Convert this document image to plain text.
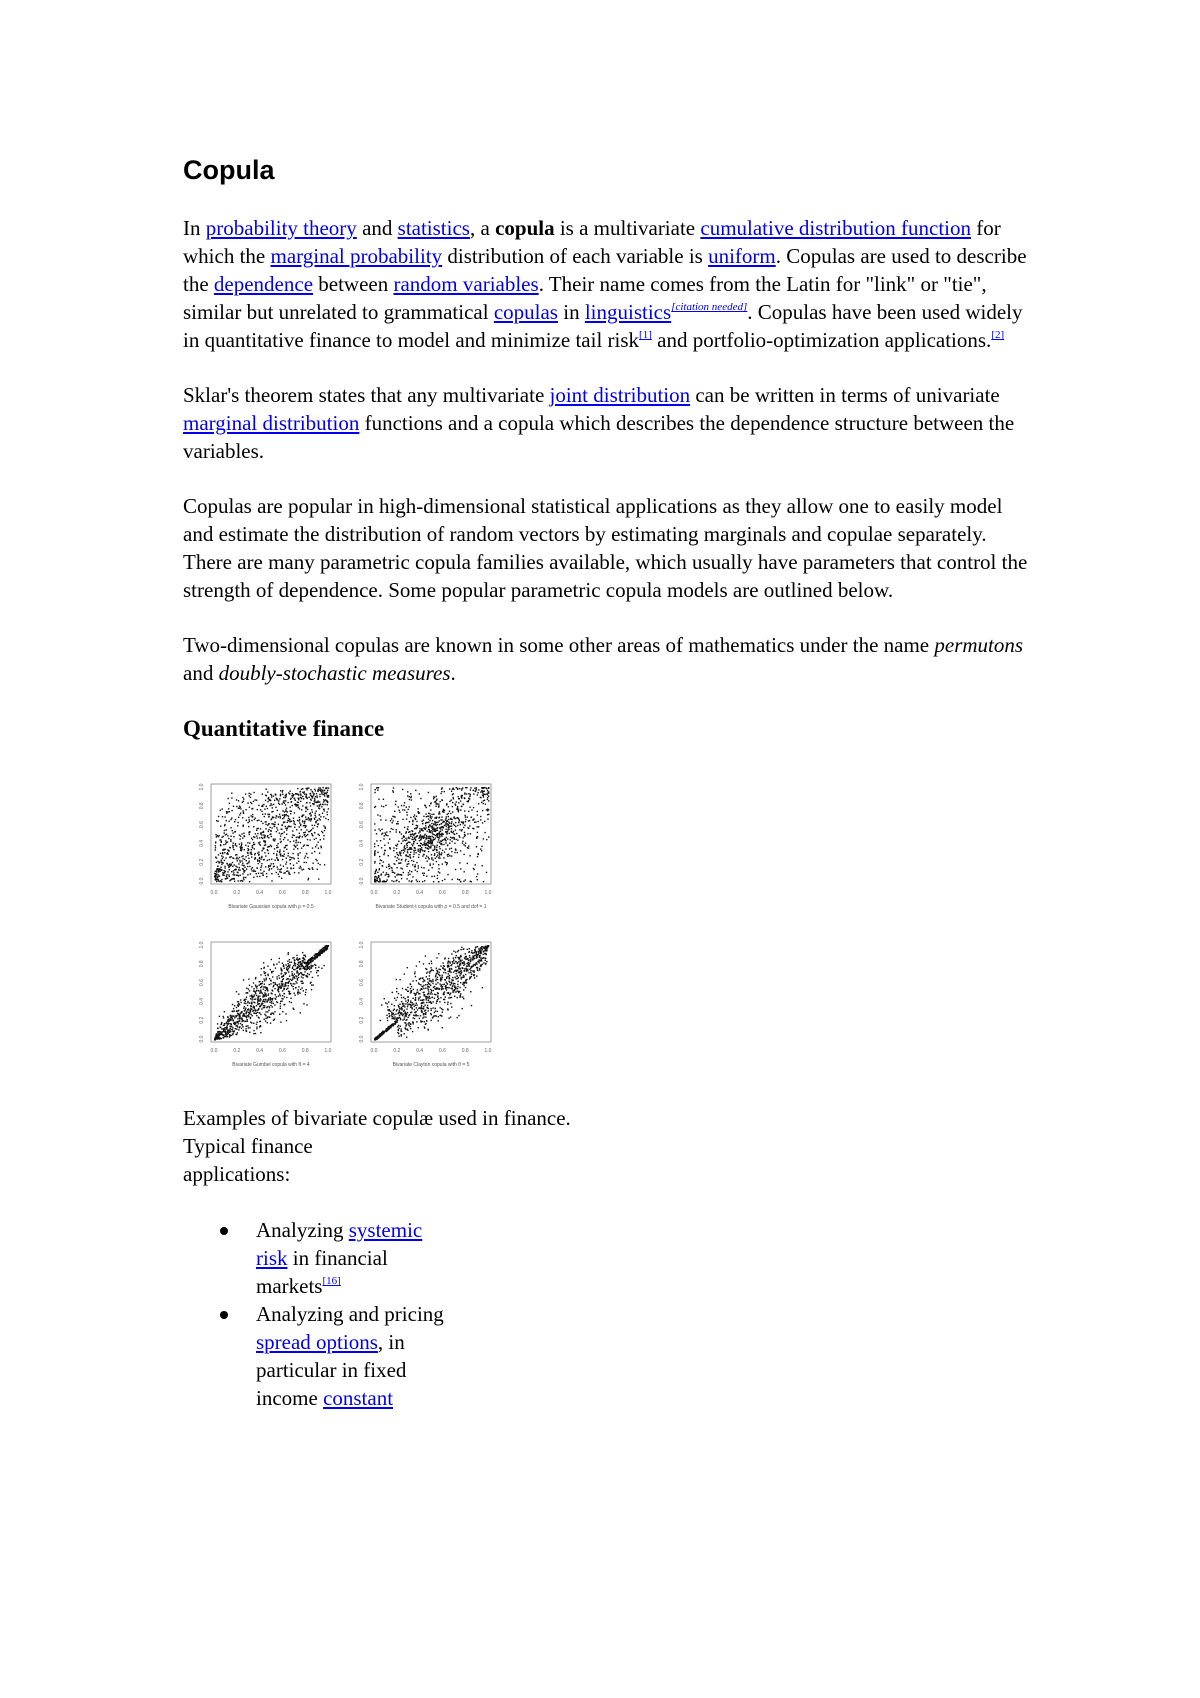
Copula

In probability theory and statistics, a copula is a multivariate cumulative distribution function for which the marginal probability distribution of each variable is uniform. Copulas are used to describe the dependence between random variables. Their name comes from the Latin for "link" or "tie", similar but unrelated to grammatical copulas in linguistics[citation needed]. Copulas have been used widely in quantitative finance to model and minimize tail risk[1] and portfolio-optimization applications.[2]

Sklar's theorem states that any multivariate joint distribution can be written in terms of univariate marginal distribution functions and a copula which describes the dependence structure between the variables.

Copulas are popular in high-dimensional statistical applications as they allow one to easily model and estimate the distribution of random vectors by estimating marginals and copulae separately. There are many parametric copula families available, which usually have parameters that control the strength of dependence. Some popular parametric copula models are outlined below.

Two-dimensional copulas are known in some other areas of mathematics under the name permutons and doubly-stochastic measures.

Quantitative finance
0.0
0.0
0.2
0.2
0.4
0.4
0.6
0.6
0.8
0.8
1.0
1.0
Bivariate Gaussian copula with ρ = 0.5
0.0
0.0
0.2
0.2
0.4
0.4
0.6
0.6
0.8
0.8
1.0
1.0
Bivariate Student-t copula with ρ = 0.5 and dof = 1
0.0
0.0
0.2
0.2
0.4
0.4
0.6
0.6
0.8
0.8
1.0
1.0
Bivariate Gumbel copula with θ = 4
0.0
0.0
0.2
0.2
0.4
0.4
0.6
0.6
0.8
0.8
1.0
1.0
Bivariate Clayton copula with θ = 5
Examples of bivariate copulæ used in finance.
Typical finance applications:
Analyzing systemic risk in financial markets[16]
Analyzing and pricing spread options, in particular in fixed income constant
